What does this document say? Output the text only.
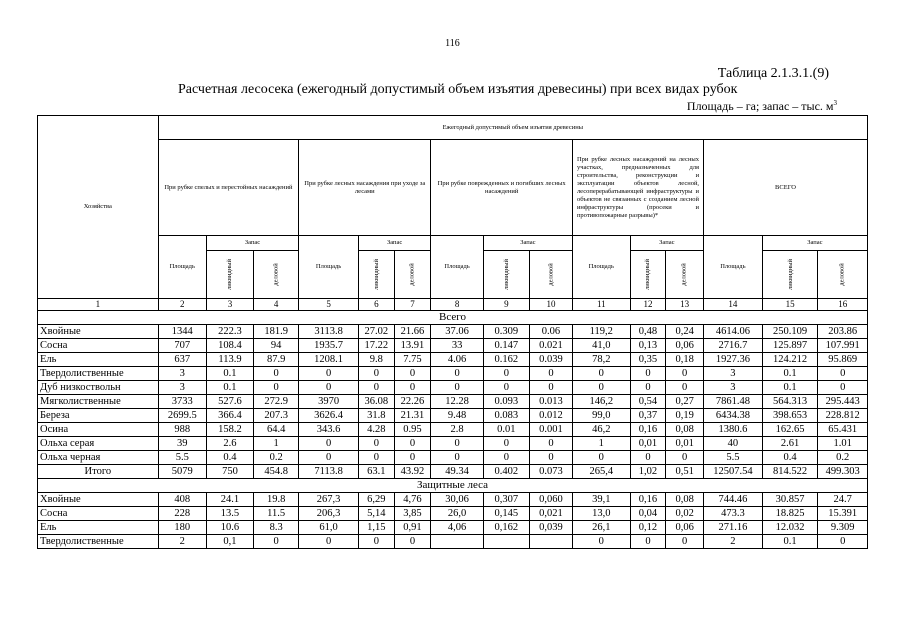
116
Таблица 2.1.3.1.(9)
Расчетная лесосека (ежегодный допустимый объем изъятия древесины) при всех видах рубок
Площадь – га; запас – тыс. $м^3$
Хозяйства	Ежегодный допустимый объем изъятия древесины														
	При рубке спелых и перестойных насаждений			При рубке лесных насаждения при уходе за лесами			При рубке поврежденных и погибших лесных насаждений			При рубке лесных насаждений на лесных участках, предназначенных для строительства, реконструкции и эксплуатации объектов лесной, лесоперерабатывающей инфраструктуры и объектов не связанных с созданием лесной инфраструктуры (просеки и противопожарные разрывы)*			ВСЕГО		
	Площадь	Запас		Площадь	Запас		Площадь	Запас		Площадь	Запас		Площадь	Запас	
		ликвидный	деловой		ликвидный	деловой		ликвидный	деловой		ликвидный	деловой		ликвидный	деловой
1	2	3	4	5	6	7	8	9	10	11	12	13	14	15	16
Всего															
Хвойные	1344	222.3	181.9	3113.8	27.02	21.66	37.06	0.309	0.06	119,2	0,48	0,24	4614.06	250.109	203.86
Сосна	707	108.4	94	1935.7	17.22	13.91	33	0.147	0.021	41,0	0,13	0,06	2716.7	125.897	107.991
Ель	637	113.9	87.9	1208.1	9.8	7.75	4.06	0.162	0.039	78,2	0,35	0,18	1927.36	124.212	95.869
Твердолиственные	3	0.1	0	0	0	0	0	0	0	0	0	0	3	0.1	0
Дуб низкоствольн	3	0.1	0	0	0	0	0	0	0	0	0	0	3	0.1	0
Мягколиственные	3733	527.6	272.9	3970	36.08	22.26	12.28	0.093	0.013	146,2	0,54	0,27	7861.48	564.313	295.443
Береза	2699.5	366.4	207.3	3626.4	31.8	21.31	9.48	0.083	0.012	99,0	0,37	0,19	6434.38	398.653	228.812
Осина	988	158.2	64.4	343.6	4.28	0.95	2.8	0.01	0.001	46,2	0,16	0,08	1380.6	162.65	65.431
Ольха серая	39	2.6	1	0	0	0	0	0	0	1	0,01	0,01	40	2.61	1.01
Ольха черная	5.5	0.4	0.2	0	0	0	0	0	0	0	0	0	5.5	0.4	0.2
Итого	5079	750	454.8	7113.8	63.1	43.92	49.34	0.402	0.073	265,4	1,02	0,51	12507.54	814.522	499.303
Защитные леса															
Хвойные	408	24.1	19.8	267,3	6,29	4,76	30,06	0,307	0,060	39,1	0,16	0,08	744.46	30.857	24.7
Сосна	228	13.5	11.5	206,3	5,14	3,85	26,0	0,145	0,021	13,0	0,04	0,02	473.3	18.825	15.391
Ель	180	10.6	8.3	61,0	1,15	0,91	4,06	0,162	0,039	26,1	0,12	0,06	271.16	12.032	9.309
Твердолиственные	2	0,1	0	0	0	0				0	0	0	2	0.1	0
